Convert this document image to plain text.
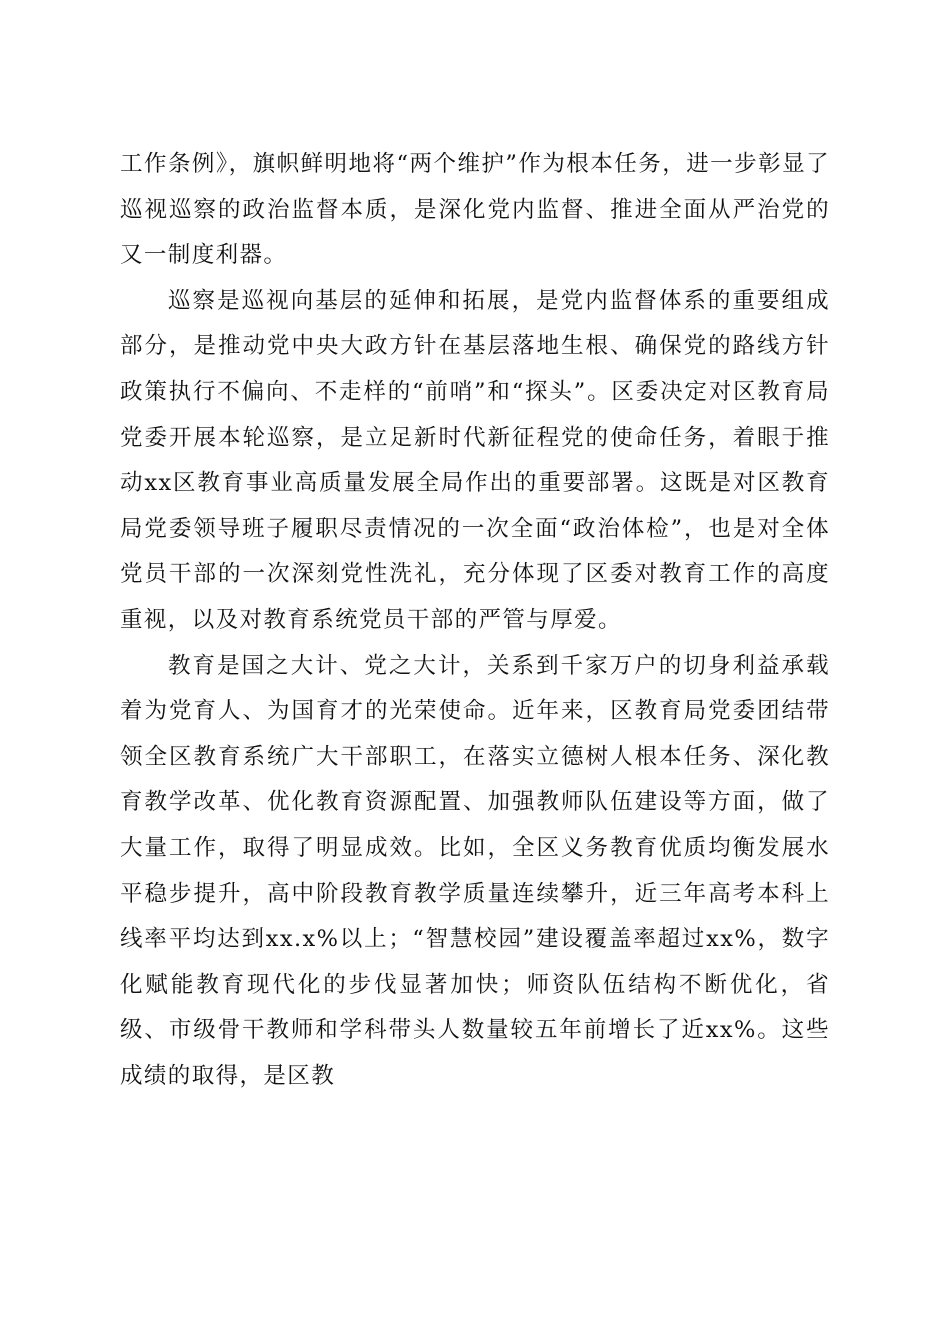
工作条例》，旗帜鲜明地将“两个维护”作为根本任务，进一步彰显了巡视巡察的政治监督本质，是深化党内监督、推进全面从严治党的又一制度利器。

巡察是巡视向基层的延伸和拓展，是党内监督体系的重要组成部分，是推动党中央大政方针在基层落地生根、确保党的路线方针政策执行不偏向、不走样的“前哨”和“探头”。区委决定对区教育局党委开展本轮巡察，是立足新时代新征程党的使命任务，着眼于推动xx区教育事业高质量发展全局作出的重要部署。这既是对区教育局党委领导班子履职尽责情况的一次全面“政治体检”，也是对全体党员干部的一次深刻党性洗礼，充分体现了区委对教育工作的高度重视，以及对教育系统党员干部的严管与厚爱。

教育是国之大计、党之大计，关系到千家万户的切身利益承载着为党育人、为国育才的光荣使命。近年来，区教育局党委团结带领全区教育系统广大干部职工，在落实立德树人根本任务、深化教育教学改革、优化教育资源配置、加强教师队伍建设等方面，做了大量工作，取得了明显成效。比如，全区义务教育优质均衡发展水平稳步提升，高中阶段教育教学质量连续攀升，近三年高考本科上线率平均达到xx.x%以上；“智慧校园”建设覆盖率超过xx%，数字化赋能教育现代化的步伐显著加快；师资队伍结构不断优化，省级、市级骨干教师和学科带头人数量较五年前增长了近xx%。这些成绩的取得，是区教
